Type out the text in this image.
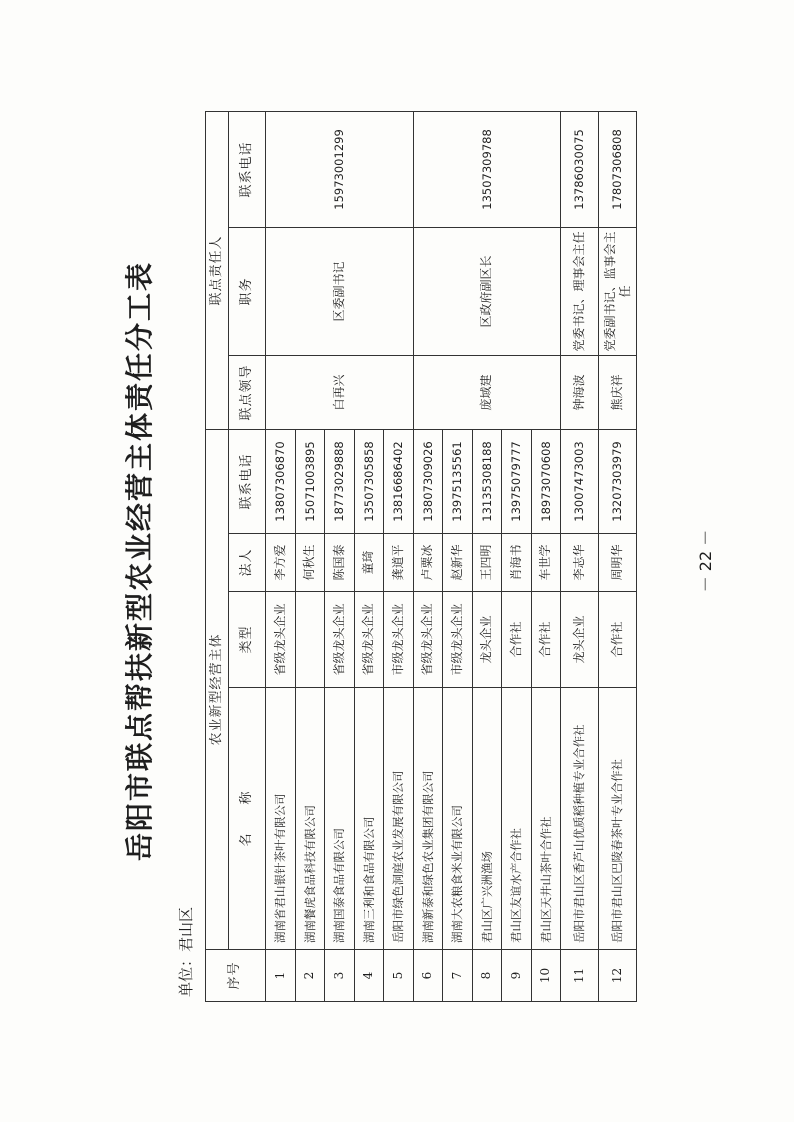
岳阳市联点帮扶新型农业经营主体责任分工表
单位：君山区 序号	农业新型经营主体				联点责任人		
					联点领导	职务	联系电话
	名　　称	类型	法人	联系电话			
1	湖南省君山银针茶叶有限公司	省级龙头企业	李方爱	13807306870	白再兴	区委副书记	15973001299
2	湖南餐虎食品科技有限公司		何秋生	15071003895			
3	湖南国泰食品有限公司	省级龙头企业	陈国泰	18773029888			
4	湖南三利和食品有限公司	省级龙头企业	童琦	13507305858			
5	岳阳市绿色洞庭农业发展有限公司	市级龙头企业	龚道平	13816686402			
6	湖南新泰和绿色农业集团有限公司	省级龙头企业	卢粟冰	13807309026	庞域建	区政府副区长	13507309788
7	湖南大农粮食米业有限公司	市级龙头企业	赵新华	13975135561			
8	君山区广兴洲渔场	龙头企业	王四明	13135308188			
9	君山区友谊水产合作社	合作社	肖海书	13975079777			
10	君山区天井山茶叶合作社	合作社	车世学	18973070608			
11	岳阳市君山区香芦山优质稻种植专业合作社	龙头企业	李志华	13007473003	钟海波	党委书记、理事会主任	13786030075
12	岳阳市君山区巴陵春茶叶专业合作社	合作社	周明华	13207303979	熊庆祥	党委副书记、监事会主任	17807306808
－ 22 －
